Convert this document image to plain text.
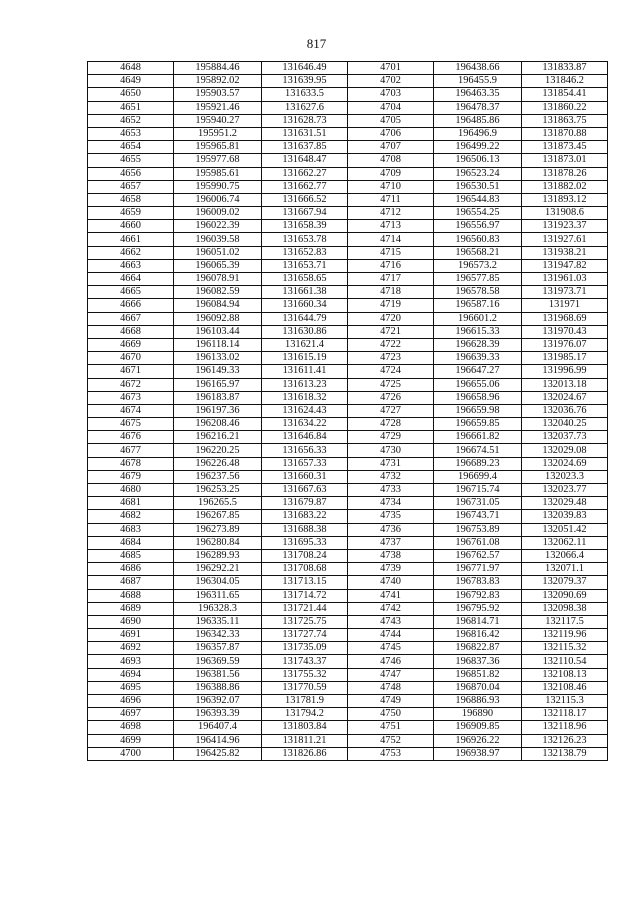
817
4648	195884.46	131646.49	4701	196438.66	131833.87
4649	195892.02	131639.95	4702	196455.9	131846.2
4650	195903.57	131633.5	4703	196463.35	131854.41
4651	195921.46	131627.6	4704	196478.37	131860.22
4652	195940.27	131628.73	4705	196485.86	131863.75
4653	195951.2	131631.51	4706	196496.9	131870.88
4654	195965.81	131637.85	4707	196499.22	131873.45
4655	195977.68	131648.47	4708	196506.13	131873.01
4656	195985.61	131662.27	4709	196523.24	131878.26
4657	195990.75	131662.77	4710	196530.51	131882.02
4658	196006.74	131666.52	4711	196544.83	131893.12
4659	196009.02	131667.94	4712	196554.25	131908.6
4660	196022.39	131658.39	4713	196556.97	131923.37
4661	196039.58	131653.78	4714	196560.83	131927.61
4662	196051.02	131652.83	4715	196568.21	131938.21
4663	196065.39	131653.71	4716	196573.2	131947.82
4664	196078.91	131658.65	4717	196577.85	131961.03
4665	196082.59	131661.38	4718	196578.58	131973.71
4666	196084.94	131660.34	4719	196587.16	131971
4667	196092.88	131644.79	4720	196601.2	131968.69
4668	196103.44	131630.86	4721	196615.33	131970.43
4669	196118.14	131621.4	4722	196628.39	131976.07
4670	196133.02	131615.19	4723	196639.33	131985.17
4671	196149.33	131611.41	4724	196647.27	131996.99
4672	196165.97	131613.23	4725	196655.06	132013.18
4673	196183.87	131618.32	4726	196658.96	132024.67
4674	196197.36	131624.43	4727	196659.98	132036.76
4675	196208.46	131634.22	4728	196659.85	132040.25
4676	196216.21	131646.84	4729	196661.82	132037.73
4677	196220.25	131656.33	4730	196674.51	132029.08
4678	196226.48	131657.33	4731	196689.23	132024.69
4679	196237.56	131660.31	4732	196699.4	132023.3
4680	196253.25	131667.63	4733	196715.74	132023.77
4681	196265.5	131679.87	4734	196731.05	132029.48
4682	196267.85	131683.22	4735	196743.71	132039.83
4683	196273.89	131688.38	4736	196753.89	132051.42
4684	196280.84	131695.33	4737	196761.08	132062.11
4685	196289.93	131708.24	4738	196762.57	132066.4
4686	196292.21	131708.68	4739	196771.97	132071.1
4687	196304.05	131713.15	4740	196783.83	132079.37
4688	196311.65	131714.72	4741	196792.83	132090.69
4689	196328.3	131721.44	4742	196795.92	132098.38
4690	196335.11	131725.75	4743	196814.71	132117.5
4691	196342.33	131727.74	4744	196816.42	132119.96
4692	196357.87	131735.09	4745	196822.87	132115.32
4693	196369.59	131743.37	4746	196837.36	132110.54
4694	196381.56	131755.32	4747	196851.82	132108.13
4695	196388.86	131770.59	4748	196870.04	132108.46
4696	196392.07	131781.9	4749	196886.93	132115.3
4697	196393.39	131794.2	4750	196890	132118.17
4698	196407.4	131803.84	4751	196909.85	132118.96
4699	196414.96	131811.21	4752	196926.22	132126.23
4700	196425.82	131826.86	4753	196938.97	132138.79
